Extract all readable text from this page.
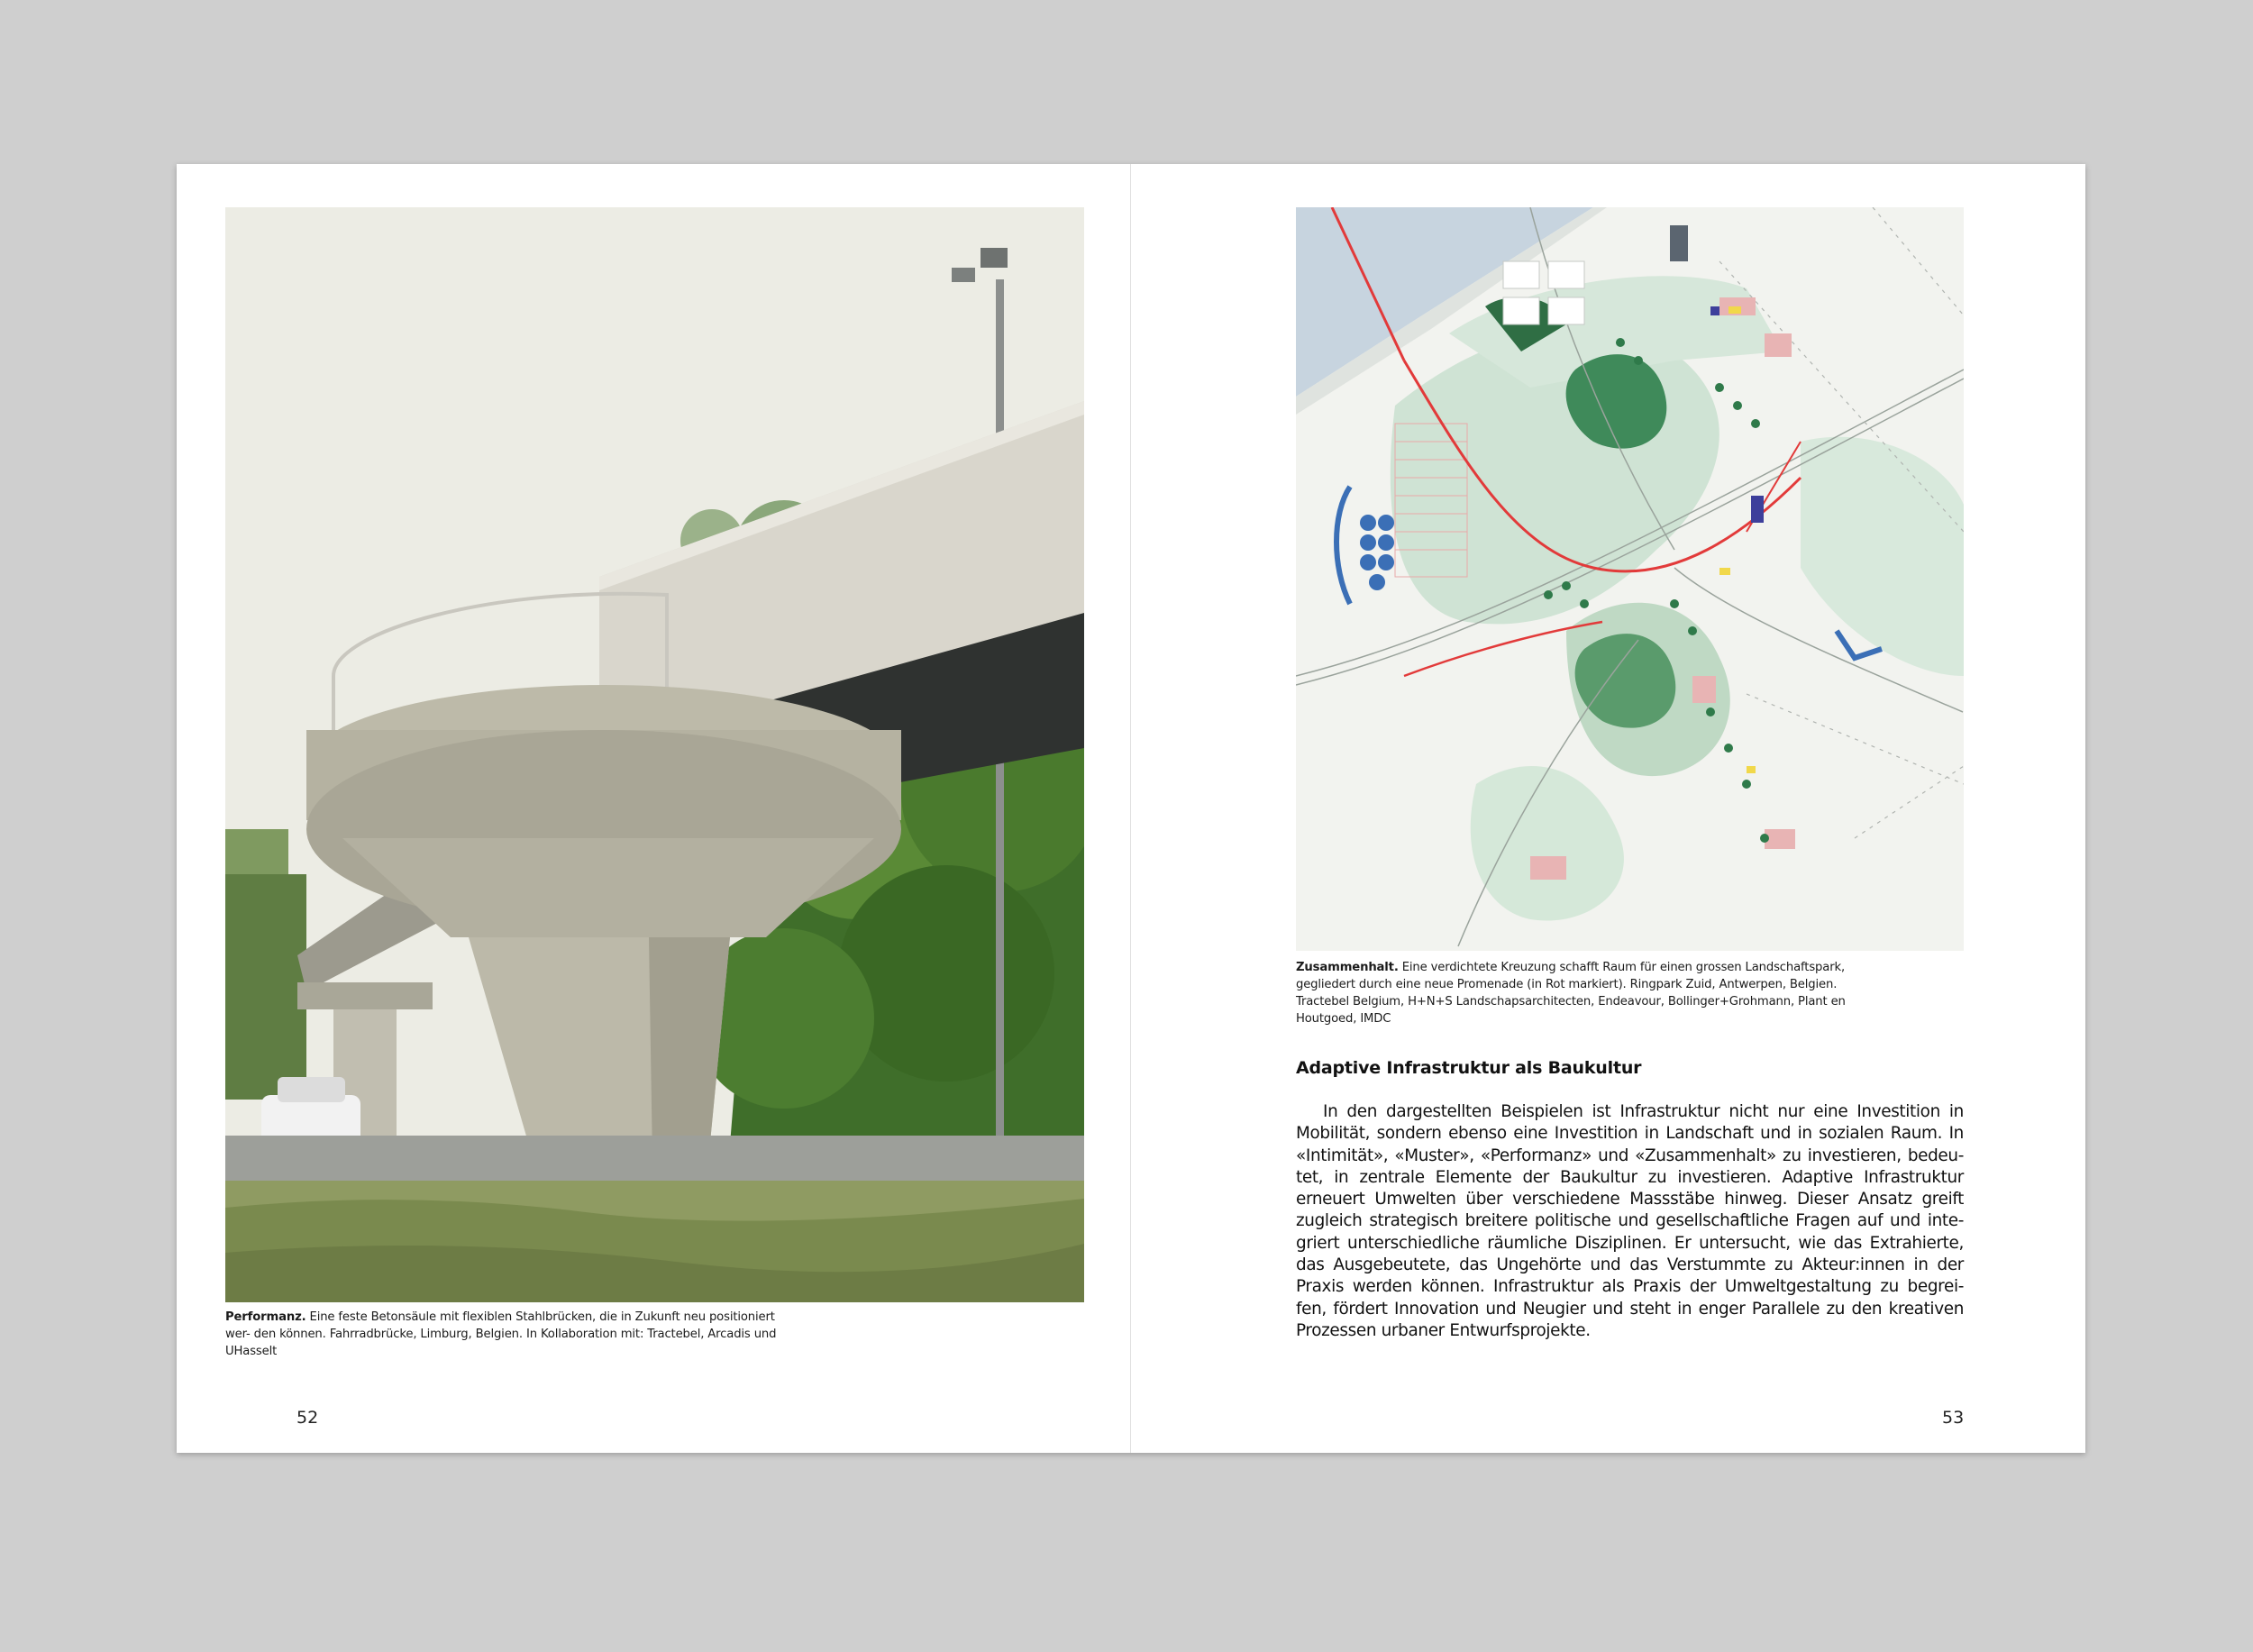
Performanz. Eine feste Betonsäule mit flexiblen Stahlbrücken, die in Zukunft neu positioniert wer- den können. Fahrradbrücke, Limburg, Belgien. In Kollaboration mit: Tractebel, Arcadis und UHasselt
52
Zusammenhalt. Eine verdichtete Kreuzung schafft Raum für einen grossen Landschaftspark, gegliedert durch eine neue Promenade (in Rot markiert). Ringpark Zuid, Antwerpen, Belgien. Tractebel Belgium, H+N+S Landschapsarchitecten, Endeavour, Bollinger+Grohmann, Plant en Houtgoed, IMDC
Adaptive Infrastruktur als Baukultur
In den dargestellten Beispielen ist Infrastruktur nicht nur eine Investition in Mobilität, sondern ebenso eine Investition in Landschaft und in sozialen Raum. In «Intimität», «Muster», «Performanz» und «Zusammenhalt» zu investieren, bedeu- tet, in zentrale Elemente der Baukultur zu investieren. Adaptive Infrastruktur erneuert Umwelten über verschiedene Massstäbe hinweg. Dieser Ansatz greift zugleich strategisch breitere politische und gesellschaftliche Fragen auf und inte- griert unterschiedliche räumliche Disziplinen. Er untersucht, wie das Extrahierte, das Ausgebeutete, das Ungehörte und das Verstummte zu Akteur:innen in der Praxis werden können. Infrastruktur als Praxis der Umweltgestaltung zu begrei- fen, fördert Innovation und Neugier und steht in enger Parallele zu den kreativen Prozessen urbaner Entwurfsprojekte.
53
